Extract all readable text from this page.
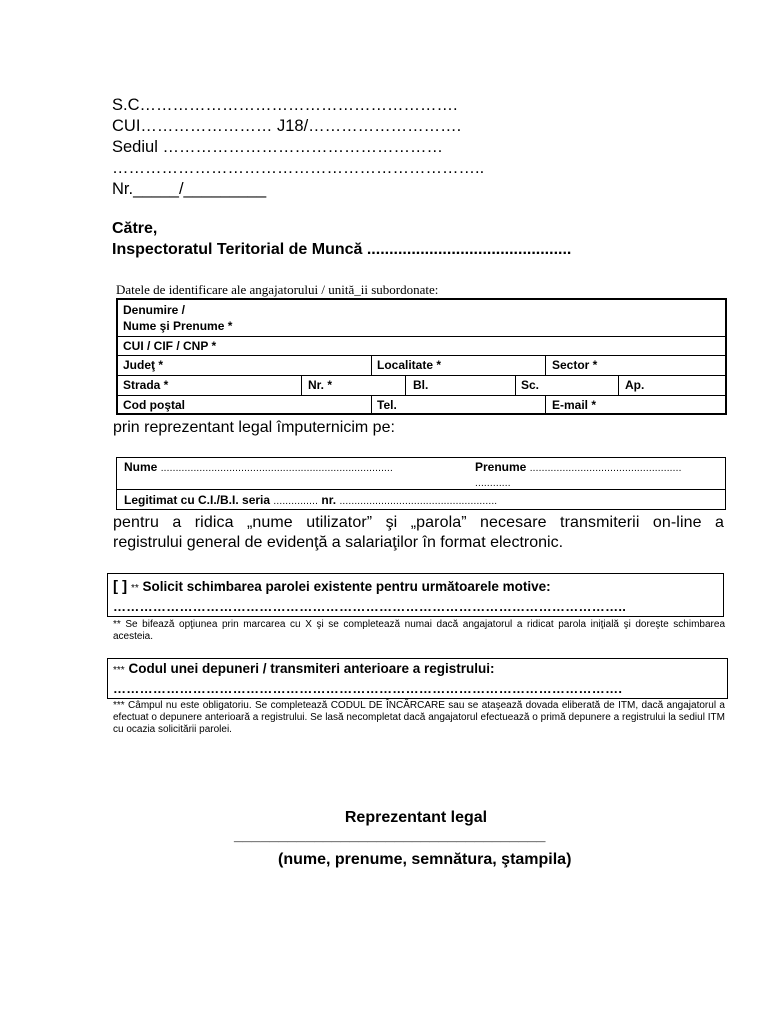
S.C………………………………………………….
CUI…………………… J18/……………………….
Sediul ……………………………………………
…………………………………………………………..
Nr._____/_________
Către,
Inspectoratul Teritorial de Muncă ..............................................
Datele de identificare ale angajatorului / unită_ii subordonate:
Denumire /
Nume şi Prenume *
CUI / CIF / CNP *
Judeţ *	Localitate *	Sector *
Strada *	Nr. *	Bl.	Sc.	Ap.
Cod poştal	Tel.	E-mail *
prin reprezentant legal împuternicim pe:
Nume ..............................................................................	Prenume ...................................................
............
Legitimat cu C.I./B.I. seria ............... nr. .....................................................
pentru a ridica „nume utilizator” şi „parola” necesare transmiterii on-line a
registrului general de evidenţă a salariaţilor în format electronic.
[ ] ** Solicit schimbarea parolei existente pentru următoarele motive:
……………………………………………………………………………………………………..
** Se bifează opţiunea prin marcarea cu X şi se completează numai dacă angajatorul a ridicat parola iniţială şi doreşte schimbarea acesteia.
*** Codul unei depuneri / transmiteri anterioare a registrului:
…………………………………………………………………………………………………….
*** Câmpul nu este obligatoriu. Se completează CODUL DE ÎNCĂRCARE sau se ataşează dovada eliberată de ITM, dacă angajatorul a efectuat o depunere anterioară a registrului. Se lasă necompletat dacă angajatorul efectuează o primă depunere a registrului la sediul ITM cu ocazia solicitării parolei.
Reprezentant legal
___________________________________
(nume, prenume, semnătura, ştampila)
